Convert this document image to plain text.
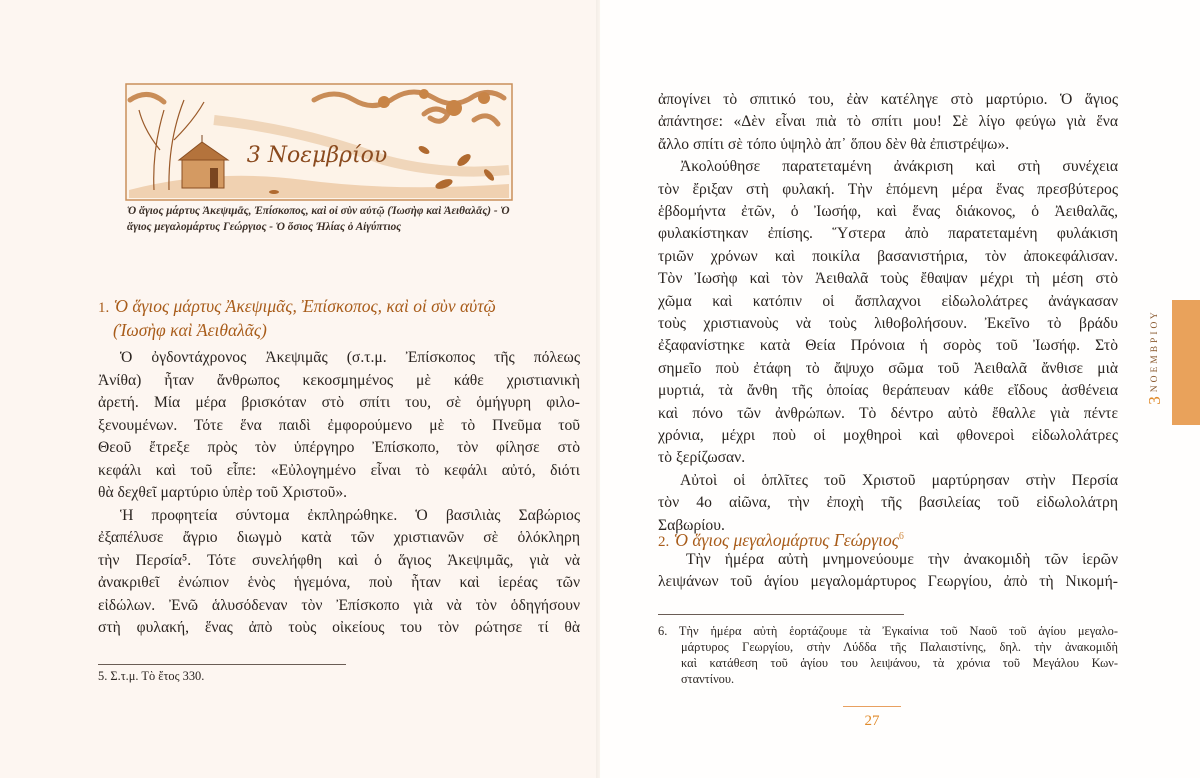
3 Νοεμβρίου
Ὁ ἅγιος μάρτυς Ἀκεψιμᾶς, Ἐπίσκοπος, καὶ οἱ σὺν αὐτῷ (Ἰωσὴφ καὶ Ἀειθαλᾶς) - Ὁ ἅγιος μεγαλομάρτυς Γεώργιος - Ὁ ὅσιος Ἠλίας ὁ Αἰγύπτιος
1. Ὁ ἅγιος μάρτυς Ἀκεψιμᾶς, Ἐπίσκοπος, καὶ οἱ σὺν αὐτῷ
(Ἰωσὴφ καὶ Ἀειθαλᾶς)
Ὁ ὀγδοντάχρονος Ἀκεψιμᾶς (σ.τ.μ. Ἐπίσκοπος τῆς πόλεως
Ἀνίθα) ἦταν ἄνθρωπος κεκοσμημένος μὲ κάθε χριστιανικὴ
ἀρετή. Μία μέρα βρισκόταν στὸ σπίτι του, σὲ ὁμήγυρη φιλο-
ξενουμένων. Τότε ἕνα παιδὶ ἐμφορούμενο μὲ τὸ Πνεῦμα τοῦ
Θεοῦ ἔτρεξε πρὸς τὸν ὑπέργηρο Ἐπίσκοπο, τὸν φίλησε στὸ
κεφάλι καὶ τοῦ εἶπε: «Εὐλογημένο εἶναι τὸ κεφάλι αὐτό, διότι
θὰ δεχθεῖ μαρτύριο ὑπὲρ τοῦ Χριστοῦ».
Ἡ προφητεία σύντομα ἐκπληρώθηκε. Ὁ βασιλιὰς Σαβώριος
ἐξαπέλυσε ἄγριο διωγμὸ κατὰ τῶν χριστιανῶν σὲ ὁλόκληρη
τὴν Περσία⁵. Τότε συνελήφθη καὶ ὁ ἅγιος Ἀκεψιμᾶς, γιὰ νὰ
ἀνακριθεῖ ἐνώπιον ἑνὸς ἡγεμόνα, ποὺ ἦταν καὶ ἱερέας τῶν
εἰδώλων. Ἐνῶ ἁλυσόδεναν τὸν Ἐπίσκοπο γιὰ νὰ τὸν ὁδηγήσουν
στὴ φυλακή, ἕνας ἀπὸ τοὺς οἰκείους του τὸν ρώτησε τί θὰ
5. Σ.τ.μ. Τὸ ἔτος 330.
ἀπογίνει τὸ σπιτικό του, ἐὰν κατέληγε στὸ μαρτύριο. Ὁ ἅγιος
ἀπάντησε: «Δὲν εἶναι πιὰ τὸ σπίτι μου! Σὲ λίγο φεύγω γιὰ ἕνα
ἄλλο σπίτι σὲ τόπο ὑψηλὸ ἀπ᾽ ὅπου δὲν θὰ ἐπιστρέψω».
Ἀκολούθησε παρατεταμένη ἀνάκριση καὶ στὴ συνέχεια
τὸν ἔριξαν στὴ φυλακή. Τὴν ἑπόμενη μέρα ἕνας πρεσβύτερος
ἑβδομήντα ἐτῶν, ὁ Ἰωσήφ, καὶ ἕνας διάκονος, ὁ Ἀειθαλᾶς,
φυλακίστηκαν ἐπίσης. Ὕστερα ἀπὸ παρατεταμένη φυλάκιση
τριῶν χρόνων καὶ ποικίλα βασανιστήρια, τὸν ἀποκεφάλισαν.
Τὸν Ἰωσὴφ καὶ τὸν Ἀειθαλᾶ τοὺς ἔθαψαν μέχρι τὴ μέση στὸ
χῶμα καὶ κατόπιν οἱ ἄσπλαχνοι εἰδωλολάτρες ἀνάγκασαν
τοὺς χριστιανοὺς νὰ τοὺς λιθοβολήσουν. Ἐκεῖνο τὸ βράδυ
ἐξαφανίστηκε κατὰ Θεία Πρόνοια ἡ σορὸς τοῦ Ἰωσήφ. Στὸ
σημεῖο ποὺ ἐτάφη τὸ ἄψυχο σῶμα τοῦ Ἀειθαλᾶ ἄνθισε μιὰ
μυρτιά, τὰ ἄνθη τῆς ὁποίας θεράπευαν κάθε εἴδους ἀσθένεια
καὶ πόνο τῶν ἀνθρώπων. Τὸ δέντρο αὐτὸ ἔθαλλε γιὰ πέντε
χρόνια, μέχρι ποὺ οἱ μοχθηροὶ καὶ φθονεροὶ εἰδωλολάτρες
τὸ ξερίζωσαν.
Αὐτοὶ οἱ ὁπλῖτες τοῦ Χριστοῦ μαρτύρησαν στὴν Περσία
τὸν 4ο αἰῶνα, τὴν ἐποχὴ τῆς βασιλείας τοῦ εἰδωλολάτρη
Σαβωρίου.
2. Ὁ ἅγιος μεγαλομάρτυς Γεώργιος$^6$
Τὴν ἡμέρα αὐτὴ μνημονεύουμε τὴν ἀνακομιδὴ τῶν ἱερῶν
λειψάνων τοῦ ἁγίου μεγαλομάρτυρος Γεωργίου, ἀπὸ τὴ Νικομή-
6. Τὴν ἡμέρα αὐτὴ ἑορτάζουμε τὰ Ἐγκαίνια τοῦ Ναοῦ τοῦ ἁγίου μεγαλο-
μάρτυρος Γεωργίου, στὴν Λύδδα τῆς Παλαιστίνης, δηλ. τὴν ἀνακομιδὴ
καὶ κατάθεση τοῦ ἁγίου του λειψάνου, τὰ χρόνια τοῦ Μεγάλου Κων-
σταντίνου.
27
3 ΝΟΕΜΒΡΙΟΥ
